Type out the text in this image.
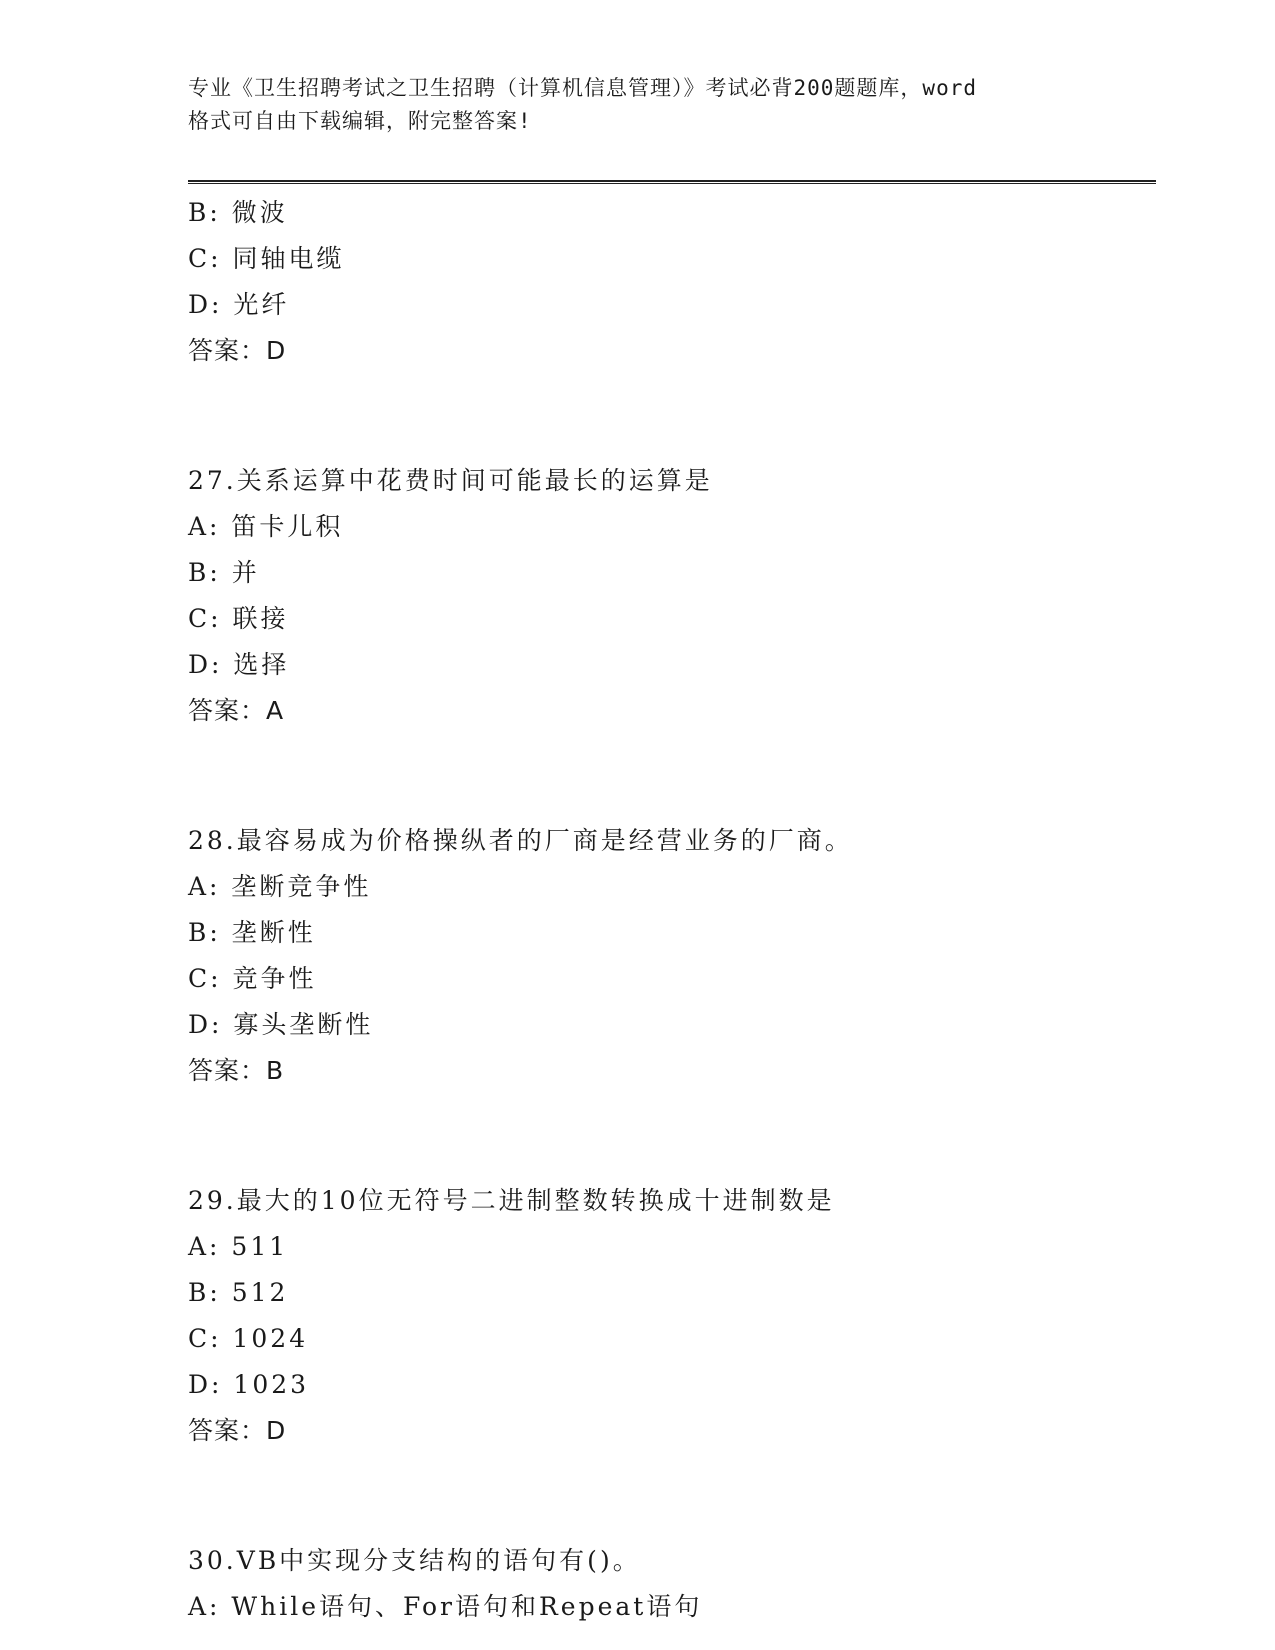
专业《卫生招聘考试之卫生招聘（计算机信息管理）》考试必背200题题库，word
格式可自由下载编辑，附完整答案!
B: 微波
C: 同轴电缆
D: 光纤
答案：D
27.关系运算中花费时间可能最长的运算是
A: 笛卡儿积
B: 并
C: 联接
D: 选择
答案：A
28.最容易成为价格操纵者的厂商是经营业务的厂商。
A: 垄断竞争性
B: 垄断性
C: 竞争性
D: 寡头垄断性
答案：B
29.最大的10位无符号二进制整数转换成十进制数是
A: 511
B: 512
C: 1024
D: 1023
答案：D
30.VB中实现分支结构的语句有()。
A: While语句、For语句和Repeat语句
